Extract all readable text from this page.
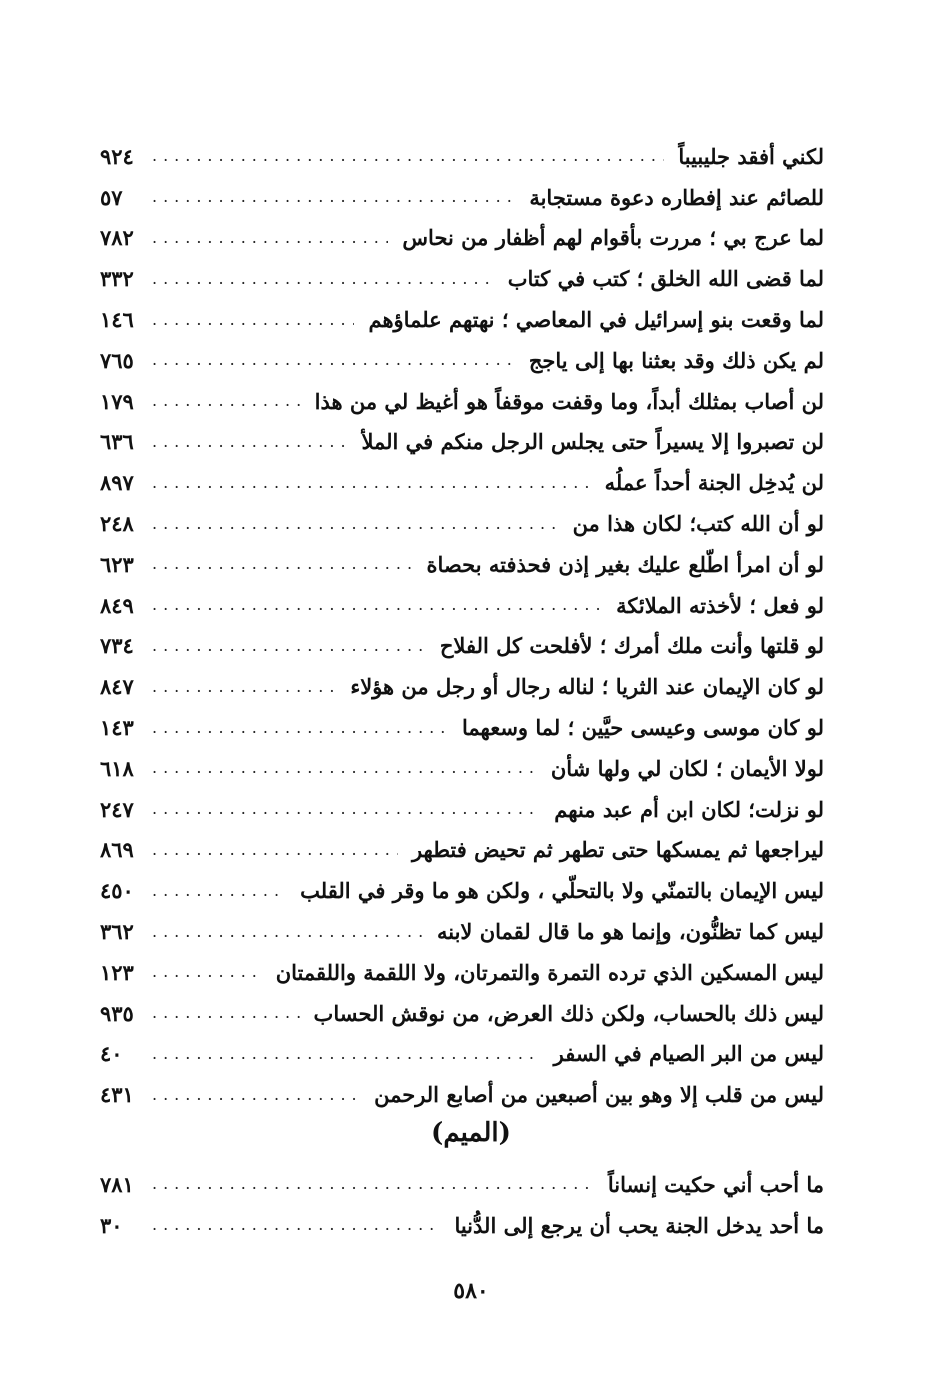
لكني أفقد جليبيباً
.....
٩٢٤
للصائم عند إفطاره دعوة مستجابة
.....
٥٧
لما عرج بي ؛ مررت بأقوام لهم أظفار من نحاس
.....
٧٨٢
لما قضى الله الخلق ؛ كتب في كتاب
.....
٣٣٢
لما وقعت بنو إسرائيل في المعاصي ؛ نهتهم علماؤهم
.....
١٤٦
لم يكن ذلك وقد بعثنا بها إلى ياجج
.....
٧٦٥
لن أصاب بمثلك أبداً، وما وقفت موقفاً هو أغيظ لي من هذا
.....
١٧٩
لن تصبروا إلا يسيراً حتى يجلس الرجل منكم في الملأ
.....
٦٣٦
لن يُدخِل الجنة أحداً عملُه
.....
٨٩٧
لو أن الله كتب؛ لكان هذا من
.....
٢٤٨
لو أن امرأ اطّلع عليك بغير إذن فحذفته بحصاة
.....
٦٢٣
لو فعل ؛ لأخذته الملائكة
.....
٨٤٩
لو قلتها وأنت ملك أمرك ؛ لأفلحت كل الفلاح
.....
٧٣٤
لو كان الإيمان عند الثريا ؛ لناله رجال أو رجل من هؤلاء
.....
٨٤٧
لو كان موسى وعيسى حيَّين ؛ لما وسعهما
.....
١٤٣
لولا الأيمان ؛ لكان لي ولها شأن
.....
٦١٨
لو نزلت؛ لكان ابن أم عبد منهم
.....
٢٤٧
ليراجعها ثم يمسكها حتى تطهر ثم تحيض فتطهر
.....
٨٦٩
ليس الإيمان بالتمنّي ولا بالتحلّي ، ولكن هو ما وقر في القلب
.....
٤٥٠
ليس كما تظنُّون، وإنما هو ما قال لقمان لابنه
.....
٣٦٢
ليس المسكين الذي ترده التمرة والتمرتان، ولا اللقمة واللقمتان
.....
١٢٣
ليس ذلك بالحساب، ولكن ذلك العرض، من نوقش الحساب
.....
٩٣٥
ليس من البر الصيام في السفر
.....
٤٠
ليس من قلب إلا وهو بين أصبعين من أصابع الرحمن
.....
٤٣١
(الميم)
ما أحب أني حكيت إنساناً
.....
٧٨١
ما أحد يدخل الجنة يحب أن يرجع إلى الدُّنيا
.....
٣٠
٥٨٠
